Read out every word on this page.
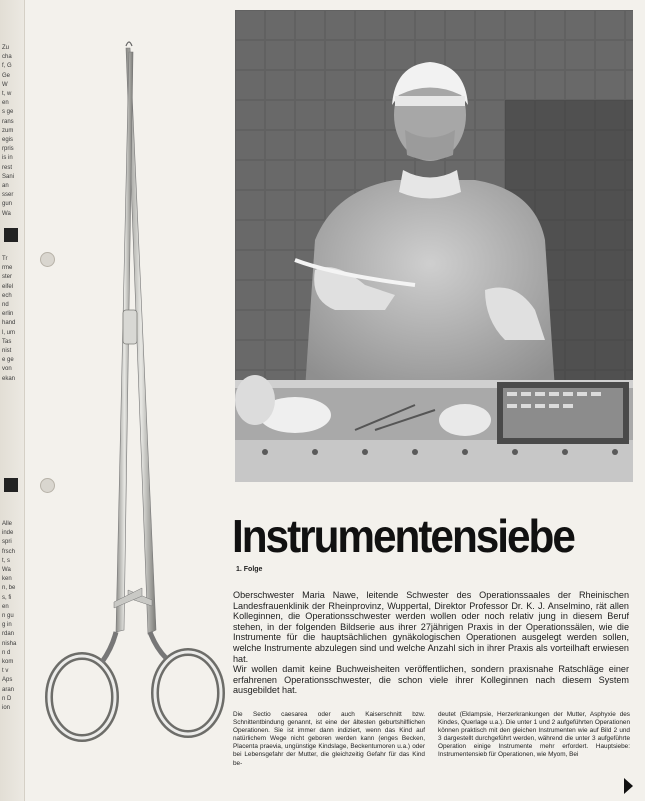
Zu
cha
f, G
Ge
W
t, w
en
s ge
rans
zum
egis
rpris
is in
rest
Sani
an
sser
gun
Wa
Tr
rme
ster
eifel
ech
nd
erlin
hand
l, um
Tas
nist
e ge
von
ekan
Alle
inde
spri
frsch
t, s
Wa
ken
n, be
s, fi
en
n gu
g in
rdan
nisha
n d
kom
t v
Aps
aran
n D
ion
Instrumentensiebe
1. Folge

Oberschwester Maria Nawe, leitende Schwester des Operationssaales der Rheinischen Landesfrauenklinik der Rheinprovinz, Wuppertal, Direktor Professor Dr. K. J. Anselmino, rät allen Kolleginnen, die Operationsschwester werden wollen oder noch relativ jung in diesem Beruf stehen, in der folgenden Bildserie aus ihrer 27jährigen Praxis in der Operationssälen, wie die Instrumente für die hauptsächlichen gynäkologischen Operationen ausgelegt werden sollen, welche Instrumente abzulegen sind und welche Anzahl sich in ihrer Praxis als vorteilhaft erwiesen hat.

Wir wollen damit keine Buchweisheiten veröffentlichen, sondern praxisnahe Ratschläge einer erfahrenen Operationsschwester, die schon viele ihrer Kolleginnen nach diesem System ausgebildet hat.

Die Sectio caesarea oder auch Kaiserschnitt bzw. Schnittentbindung genannt, ist eine der ältesten geburtshilflichen Operationen. Sie ist immer dann indiziert, wenn das Kind auf natürlichem Wege nicht geboren werden kann (enges Becken, Placenta praevia, ungünstige Kindslage, Beckentumoren u.a.) oder bei Lebensgefahr der Mutter, die gleichzeitig Gefahr für das Kind be-

deutet (Eklampsie, Herzerkrankungen der Mutter, Asphyxie des Kindes, Querlage u.a.). Die unter 1 und 2 aufgeführten Operationen können praktisch mit den gleichen Instrumenten wie auf Bild 2 und 3 dargestellt durchgeführt werden, während die unter 3 aufgeführte Operation einige Instrumente mehr erfordert. Hauptsiebe: Instrumentensieb für Operationen, wie Myom, Bei
